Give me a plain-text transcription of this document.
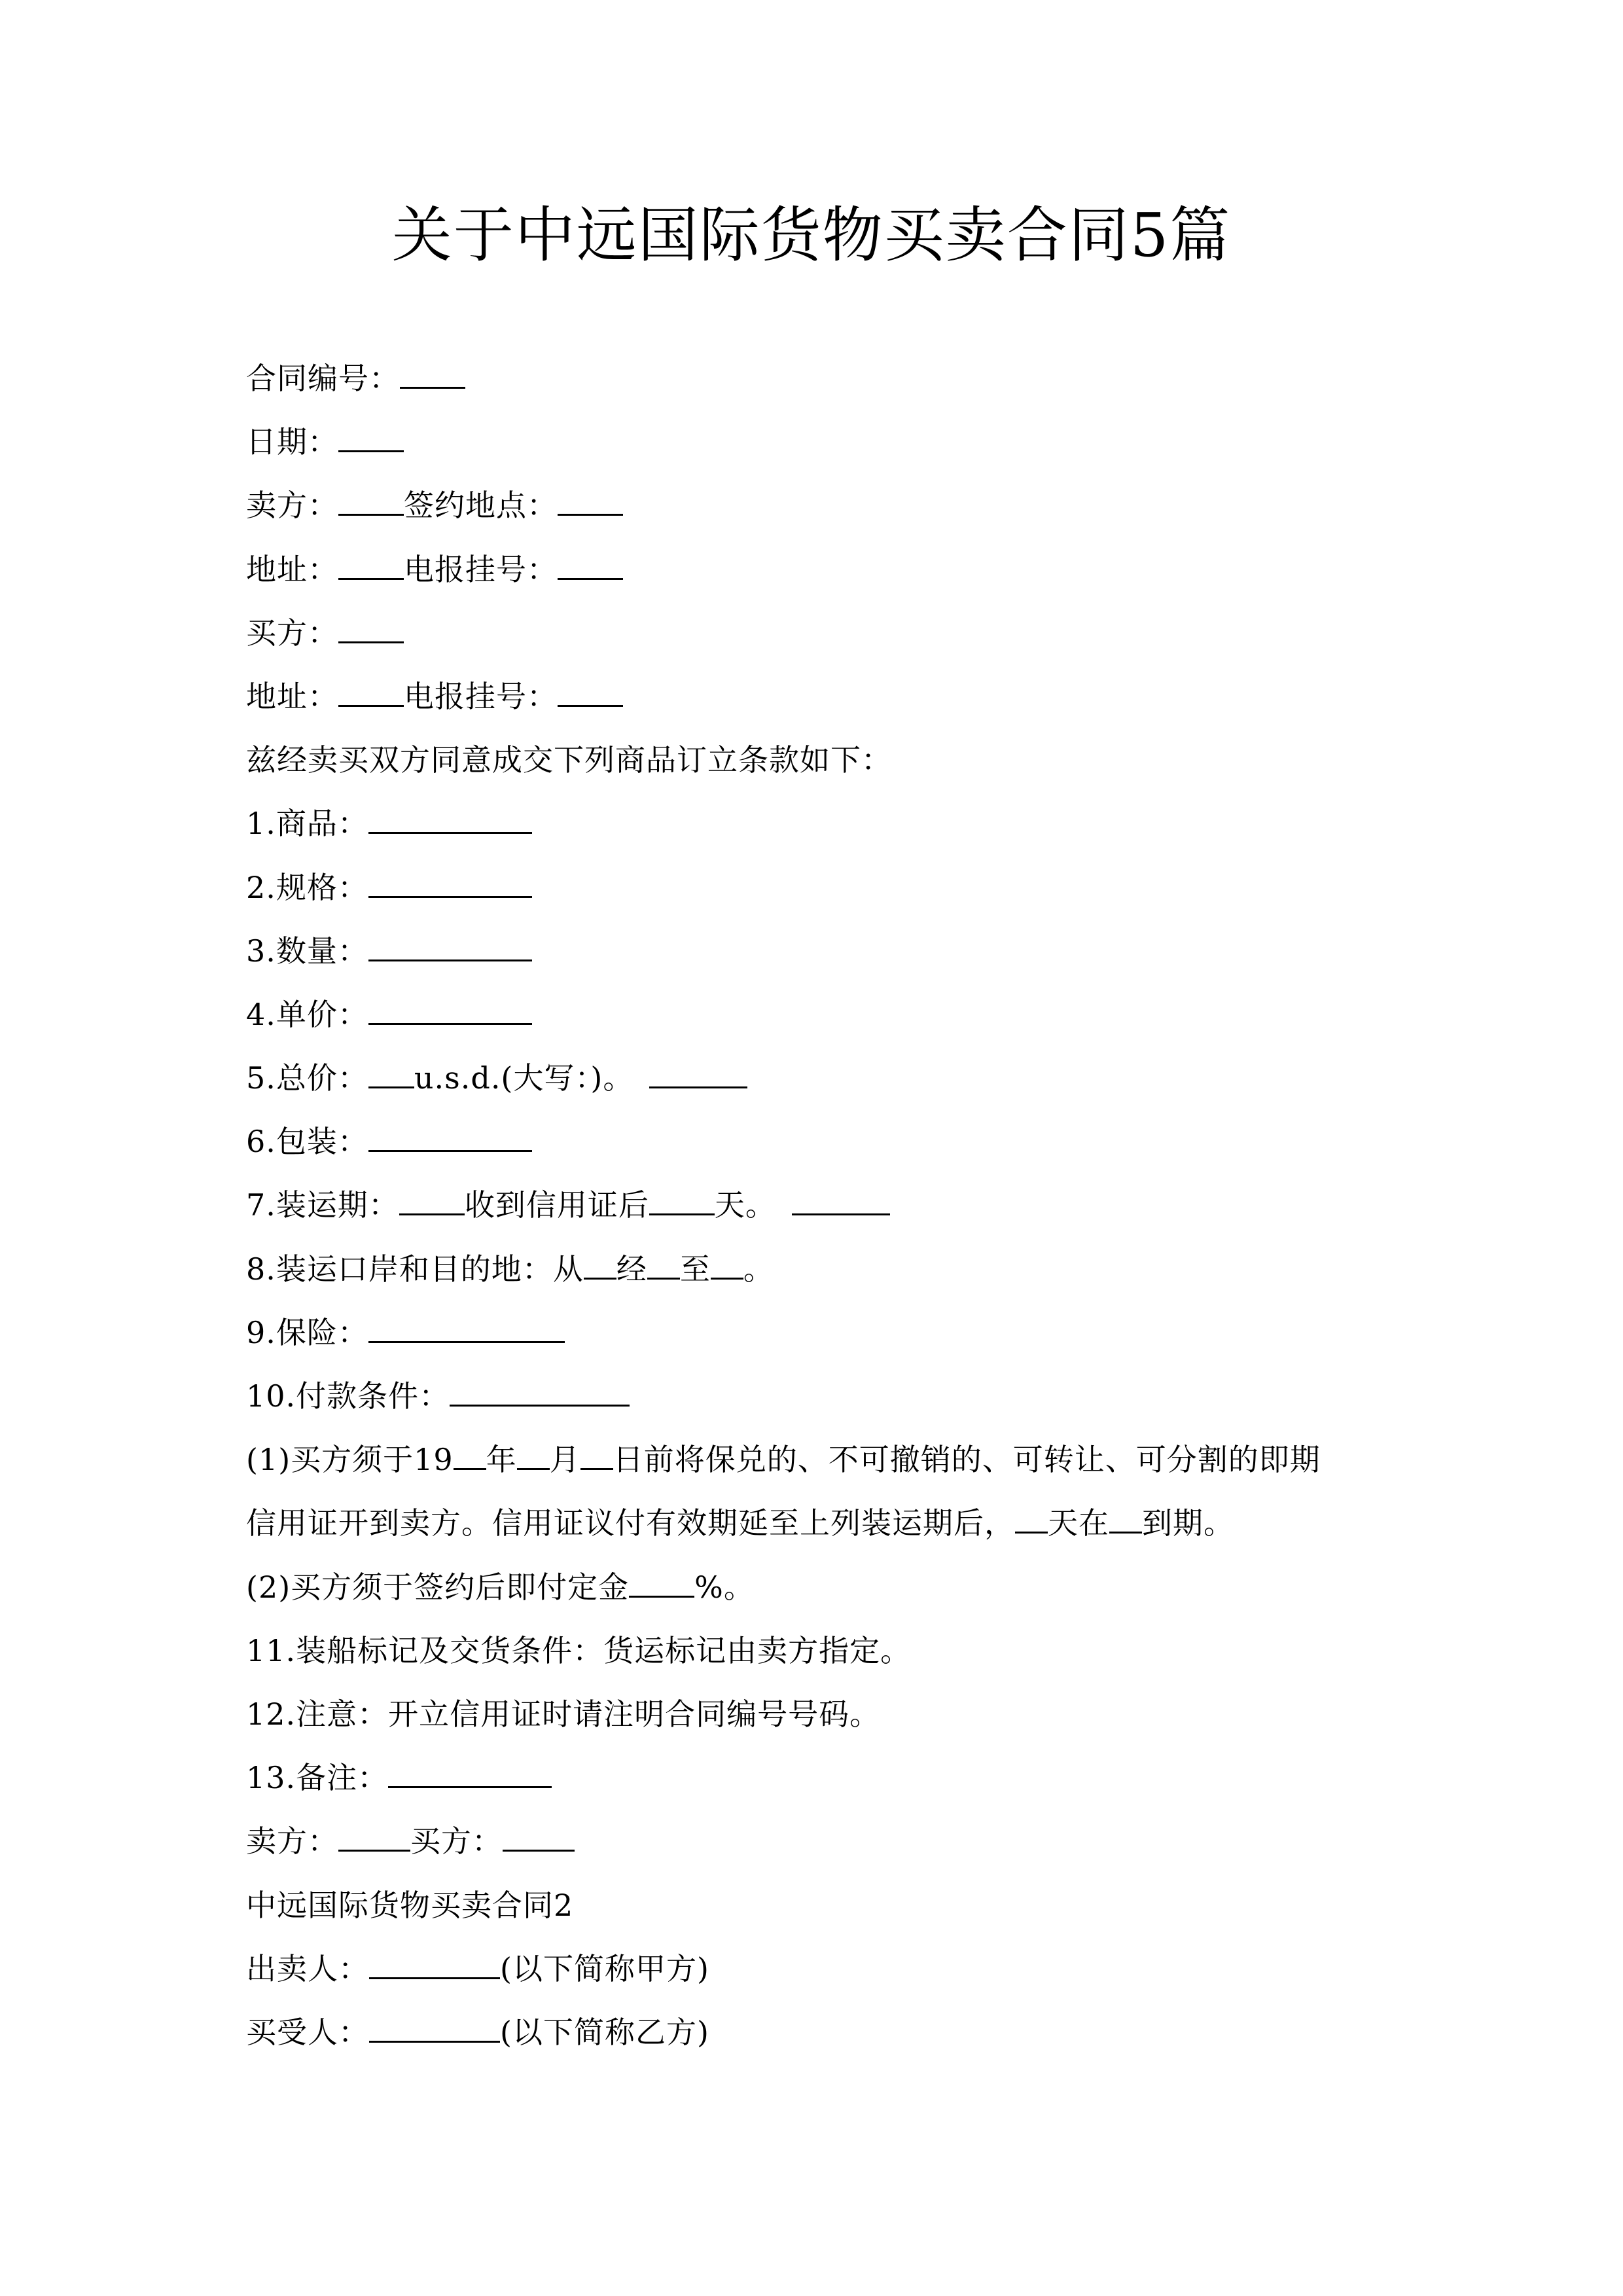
关于中远国际货物买卖合同5篇
合同编号：
日期：
卖方： 签约地点：
地址： 电报挂号：
买方：
地址： 电报挂号：
兹经卖买双方同意成交下列商品订立条款如下：
1.商品：
2.规格：
3.数量：
4.单价：
5.总价： u.s.d.(大写：)。
6.包装：
7.装运期： 收到信用证后 天。
8.装运口岸和目的地：从 经 至 。
9.保险：
10.付款条件：
(1)买方须于19 年 月 日前将保兑的、不可撤销的、可转让、可分割的即期
信用证开到卖方。信用证议付有效期延至上列装运期后， 天在 到期。
(2)买方须于签约后即付定金 %。
11.装船标记及交货条件：货运标记由卖方指定。
12.注意：开立信用证时请注明合同编号号码。
13.备注：
卖方： 买方：
中远国际货物买卖合同2
出卖人：	(以下简称甲方)
买受人：	(以下简称乙方)
